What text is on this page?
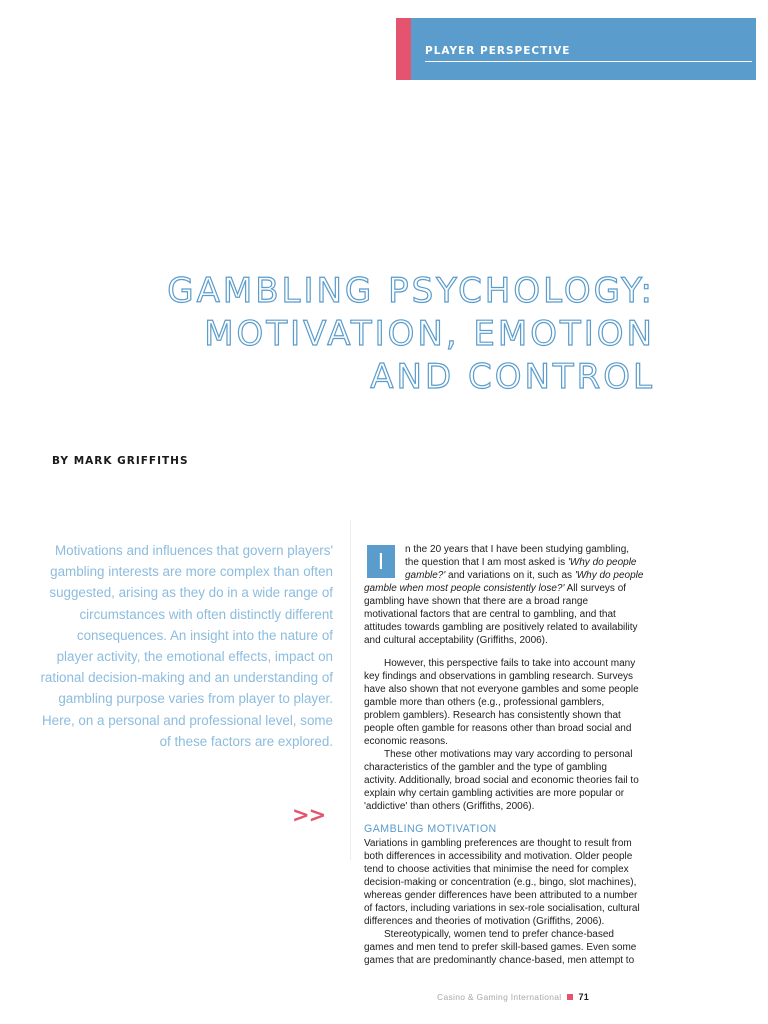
PLAYER PERSPECTIVE
GAMBLING PSYCHOLOGY:
MOTIVATION, EMOTION
AND CONTROL
BY MARK GRIFFITHS

Motivations and influences that govern players' gambling interests are more complex than often suggested, arising as they do in a wide range of circumstances with often distinctly different consequences. An insight into the nature of player activity, the emotional effects, impact on rational decision-making and an understanding of gambling purpose varies from player to player. Here, on a personal and professional level, some of these factors are explored.

>>
I	n the 20 years that I have been studying gambling,
the question that I am most asked is 'Why do people
gamble?' and variations on it, such as 'Why do people
gamble when most people consistently lose?' All surveys of
gambling have shown that there are a broad range
motivational factors that are central to gambling, and that
attitudes towards gambling are positively related to availability
and cultural acceptability (Griffiths, 2006).
However, this perspective fails to take into account many
key findings and observations in gambling research. Surveys
have also shown that not everyone gambles and some people
gamble more than others (e.g., professional gamblers,
problem gamblers). Research has consistently shown that
people often gamble for reasons other than broad social and
economic reasons.
These other motivations may vary according to personal
characteristics of the gambler and the type of gambling
activity. Additionally, broad social and economic theories fail to
explain why certain gambling activities are more popular or
'addictive' than others (Griffiths, 2006).
GAMBLING MOTIVATION
Variations in gambling preferences are thought to result from
both differences in accessibility and motivation. Older people
tend to choose activities that minimise the need for complex
decision-making or concentration (e.g., bingo, slot machines),
whereas gender differences have been attributed to a number
of factors, including variations in sex-role socialisation, cultural
differences and theories of motivation (Griffiths, 2006).
Stereotypically, women tend to prefer chance-based
games and men tend to prefer skill-based games. Even some
games that are predominantly chance-based, men attempt to
Casino & Gaming International 71
